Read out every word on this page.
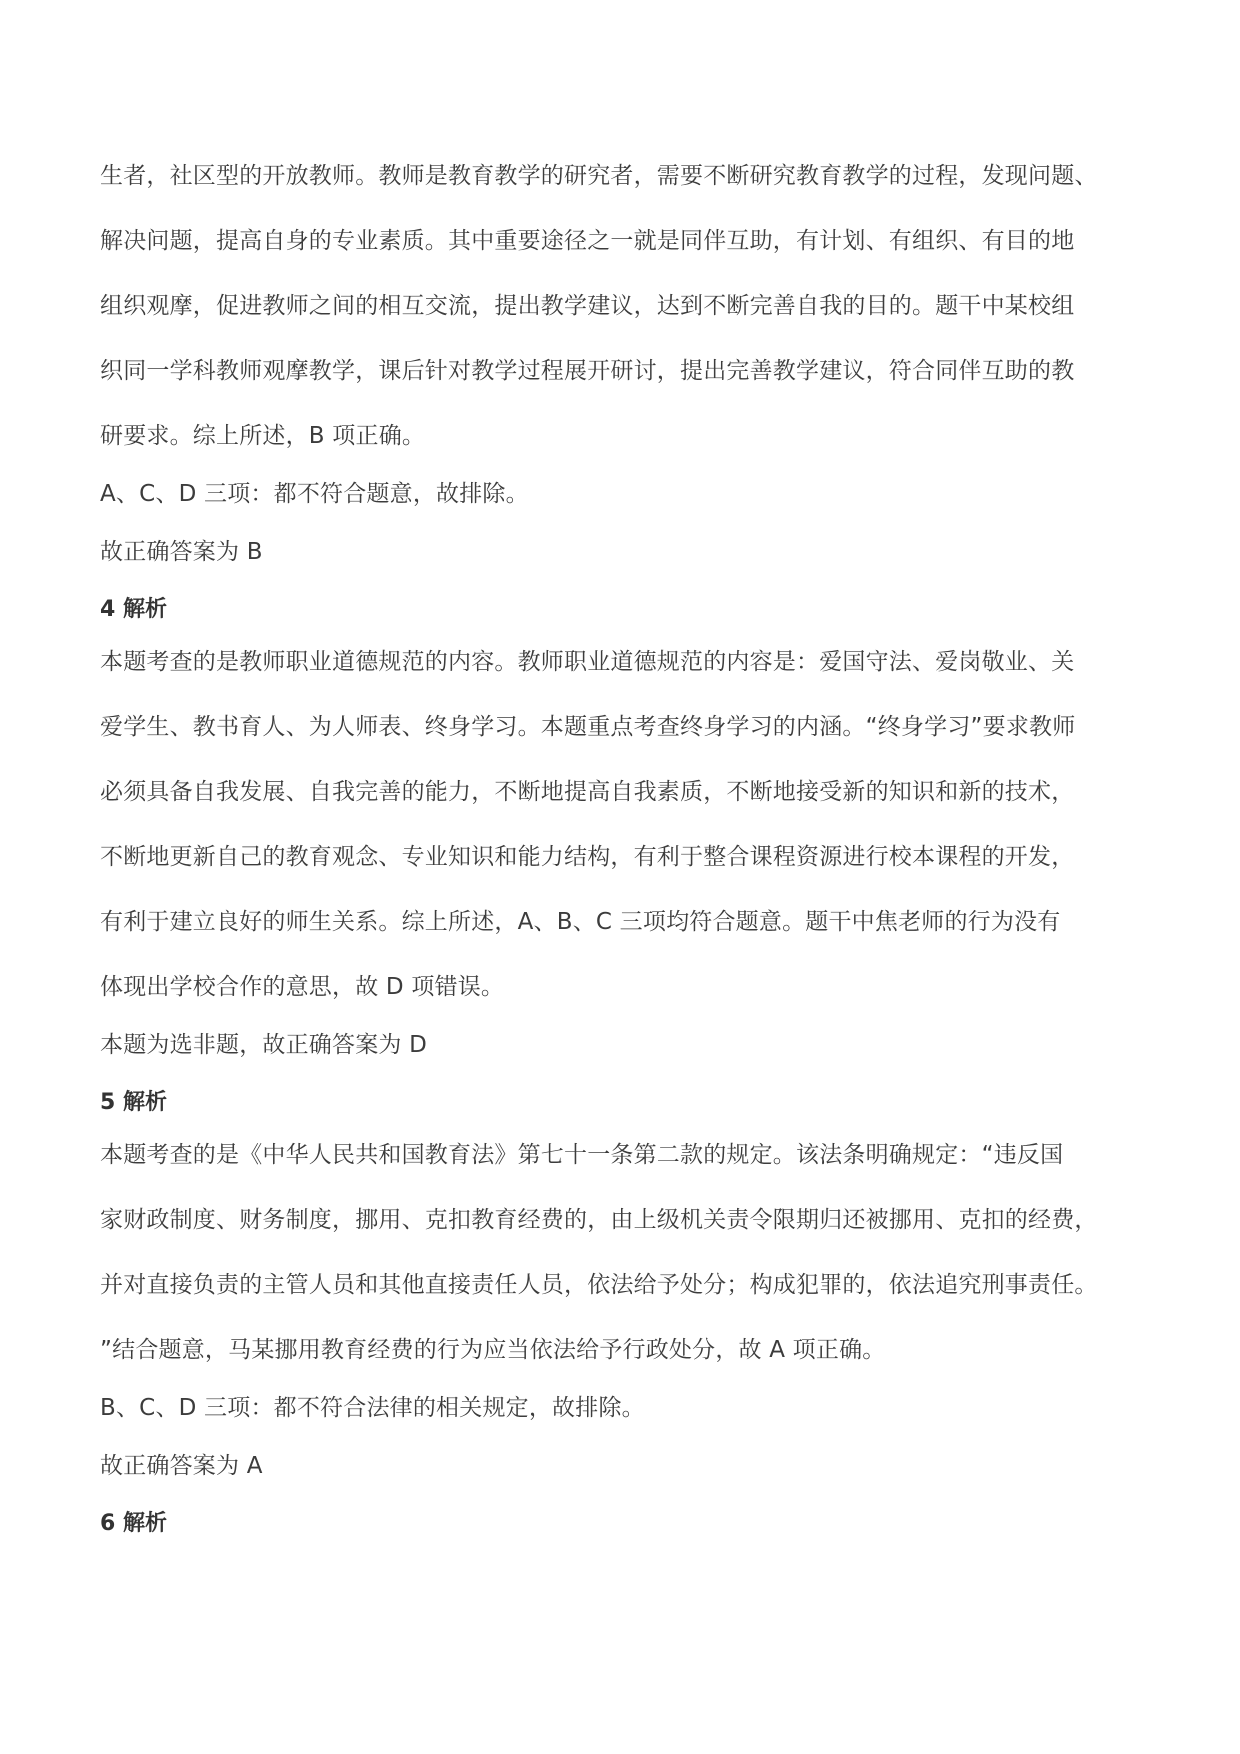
生者，社区型的开放教师。教师是教育教学的研究者，需要不断研究教育教学的过程，发现问题、
解决问题，提高自身的专业素质。其中重要途径之一就是同伴互助，有计划、有组织、有目的地
组织观摩，促进教师之间的相互交流，提出教学建议，达到不断完善自我的目的。题干中某校组
织同一学科教师观摩教学，课后针对教学过程展开研讨，提出完善教学建议，符合同伴互助的教
研要求。综上所述，B 项正确。
A、C、D 三项：都不符合题意，故排除。
故正确答案为 B
4 解析
本题考查的是教师职业道德规范的内容。教师职业道德规范的内容是：爱国守法、爱岗敬业、关
爱学生、教书育人、为人师表、终身学习。本题重点考查终身学习的内涵。“终身学习”要求教师
必须具备自我发展、自我完善的能力，不断地提高自我素质，不断地接受新的知识和新的技术，
不断地更新自己的教育观念、专业知识和能力结构，有利于整合课程资源进行校本课程的开发，
有利于建立良好的师生关系。综上所述，A、B、C 三项均符合题意。题干中焦老师的行为没有
体现出学校合作的意思，故 D 项错误。
本题为选非题，故正确答案为 D
5 解析
本题考查的是《中华人民共和国教育法》第七十一条第二款的规定。该法条明确规定：“违反国
家财政制度、财务制度，挪用、克扣教育经费的，由上级机关责令限期归还被挪用、克扣的经费，
并对直接负责的主管人员和其他直接责任人员，依法给予处分；构成犯罪的，依法追究刑事责任。
”结合题意，马某挪用教育经费的行为应当依法给予行政处分，故 A 项正确。
B、C、D 三项：都不符合法律的相关规定，故排除。
故正确答案为 A
6 解析
